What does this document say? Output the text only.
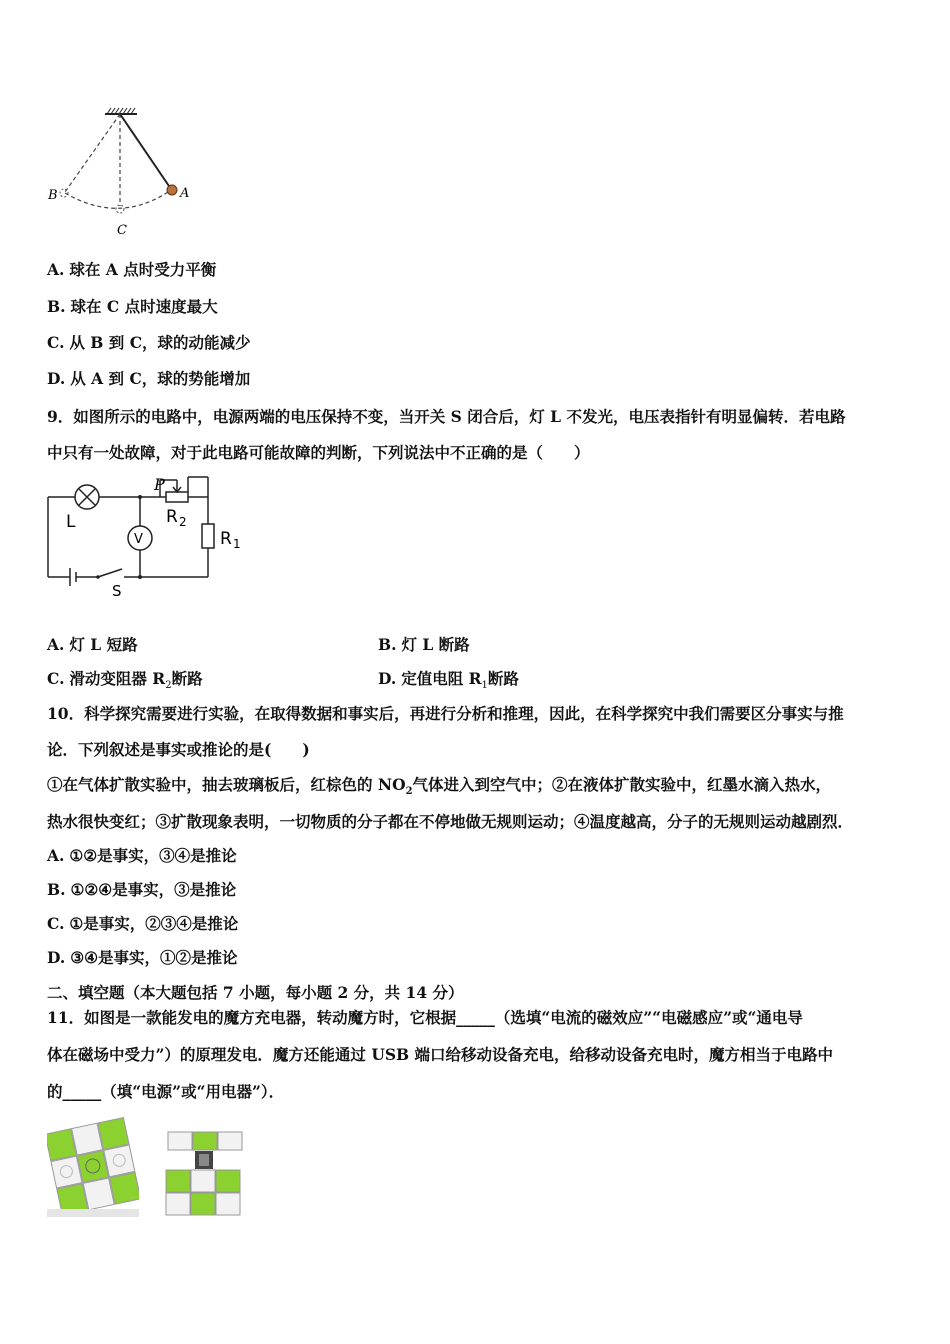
A
B
C
A. 球在 A 点时受力平衡
B. 球在 C 点时速度最大
C. 从 B 到 C，球的动能减少
D. 从 A 到 C，球的势能增加
9．如图所示的电路中，电源两端的电压保持不变，当开关 S 闭合后，灯 L 不发光，电压表指针有明显偏转．若电路
中只有一处故障，对于此电路可能故障的判断，下列说法中不正确的是（　　）
V
P
L	R 2
R 1
S
A. 灯 L 短路	B. 灯 L 断路
C. 滑动变阻器 $R_2$断路	D. 定值电阻 $R_1$断路
10．科学探究需要进行实验，在取得数据和事实后，再进行分析和推理，因此，在科学探究中我们需要区分事实与推
论．下列叙述是事实或推论的是(　　)
①在气体扩散实验中，抽去玻璃板后，红棕色的 $NO_2$气体进入到空气中；②在液体扩散实验中，红墨水滴入热水，
热水很快变红；③扩散现象表明，一切物质的分子都在不停地做无规则运动；④温度越高，分子的无规则运动越剧烈．
A. ①②是事实，③④是推论
B. ①②④是事实，③是推论
C. ①是事实，②③④是推论
D. ③④是事实，①②是推论
二、填空题（本大题包括 7 小题，每小题 2 分，共 14 分）
11．如图是一款能发电的魔方充电器，转动魔方时，它根据_____（选填“电流的磁效应”“电磁感应”或“通电导
体在磁场中受力”）的原理发电．魔方还能通过 USB 端口给移动设备充电，给移动设备充电时，魔方相当于电路中
的_____（填“电源”或“用电器”）．
